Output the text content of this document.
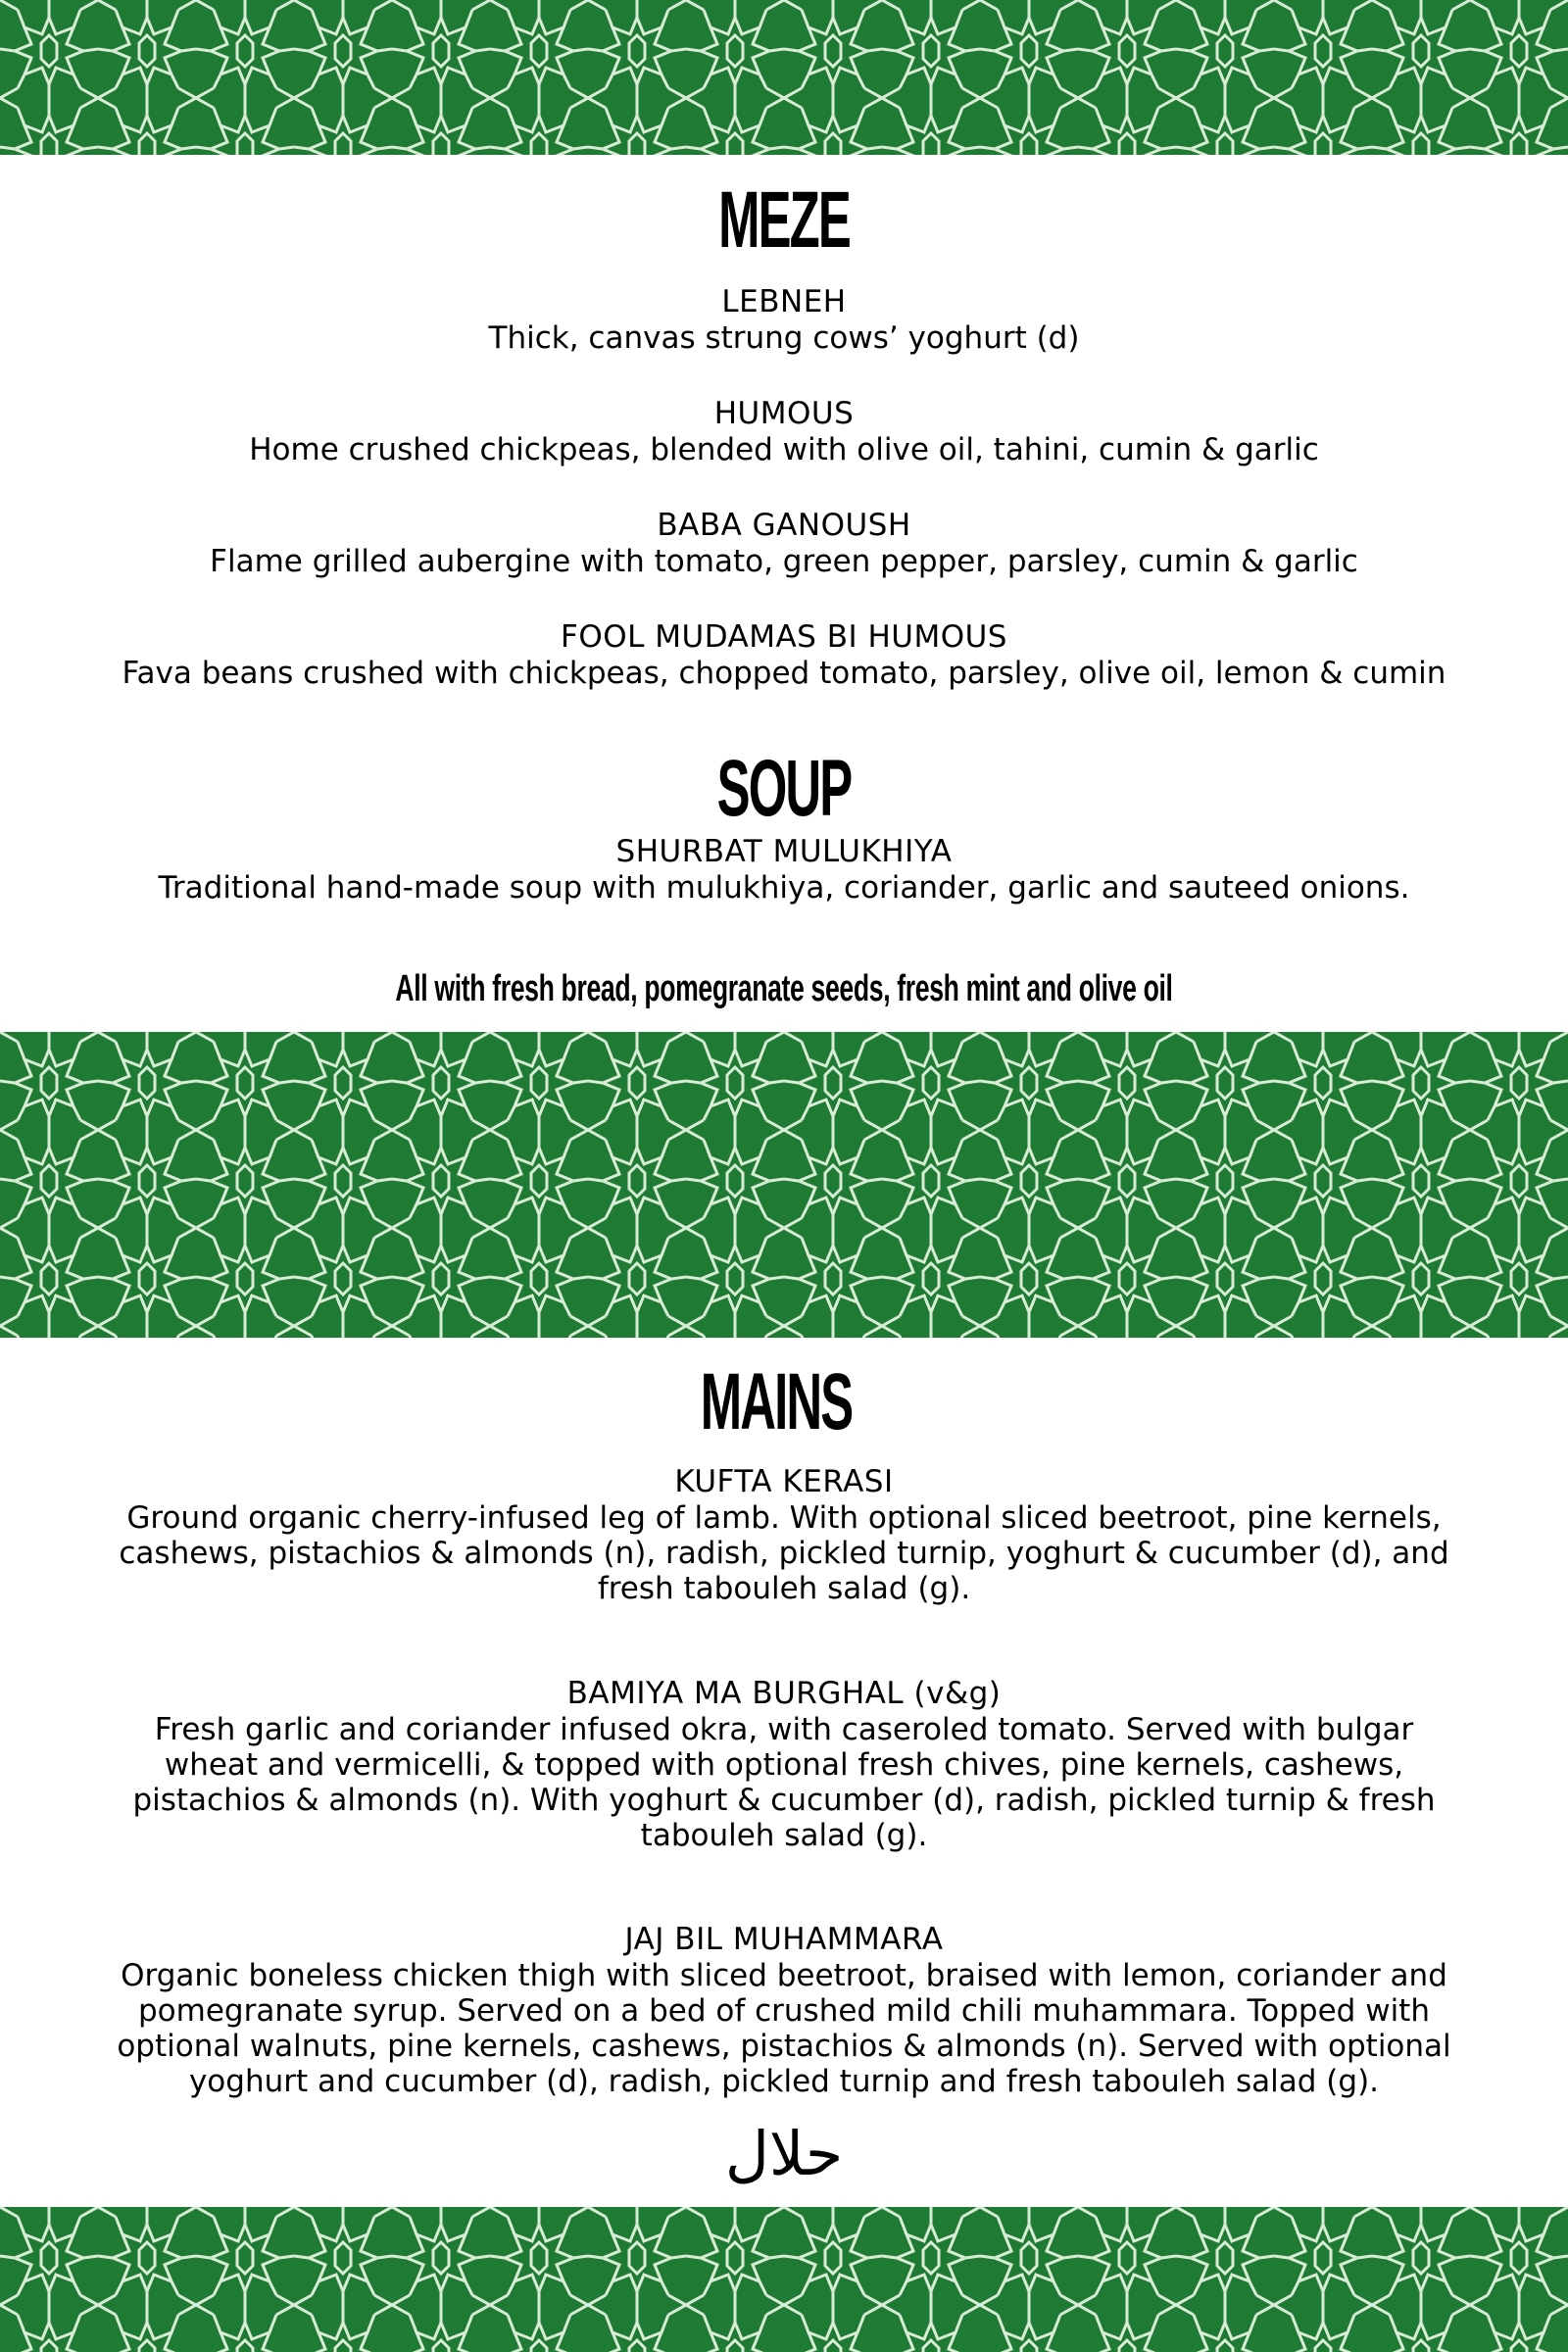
MEZE
LEBNEH
Thick, canvas strung cows’ yoghurt (d)
HUMOUS
Home crushed chickpeas, blended with olive oil, tahini, cumin & garlic
BABA GANOUSH
Flame grilled aubergine with tomato, green pepper, parsley, cumin & garlic
FOOL MUDAMAS BI HUMOUS
Fava beans crushed with chickpeas, chopped tomato, parsley, olive oil, lemon & cumin
SOUP
SHURBAT MULUKHIYA
Traditional hand-made soup with mulukhiya, coriander, garlic and sauteed onions.
All with fresh bread, pomegranate seeds, fresh mint and olive oil
MAINS
KUFTA KERASI
Ground organic cherry-infused leg of lamb. With optional sliced beetroot, pine kernels, cashews, pistachios & almonds (n), radish, pickled turnip, yoghurt & cucumber (d), and fresh tabouleh salad (g).
BAMIYA MA BURGHAL (v&g)
Fresh garlic and coriander infused okra, with caseroled tomato. Served with bulgar wheat and vermicelli, & topped with optional fresh chives, pine kernels, cashews, pistachios & almonds (n). With yoghurt & cucumber (d), radish, pickled turnip & fresh tabouleh salad (g).
JAJ BIL MUHAMMARA
Organic boneless chicken thigh with sliced beetroot, braised with lemon, coriander and pomegranate syrup. Served on a bed of crushed mild chili muhammara. Topped with optional walnuts, pine kernels, cashews, pistachios & almonds (n). Served with optional yoghurt and cucumber (d), radish, pickled turnip and fresh tabouleh salad (g).
حلال
